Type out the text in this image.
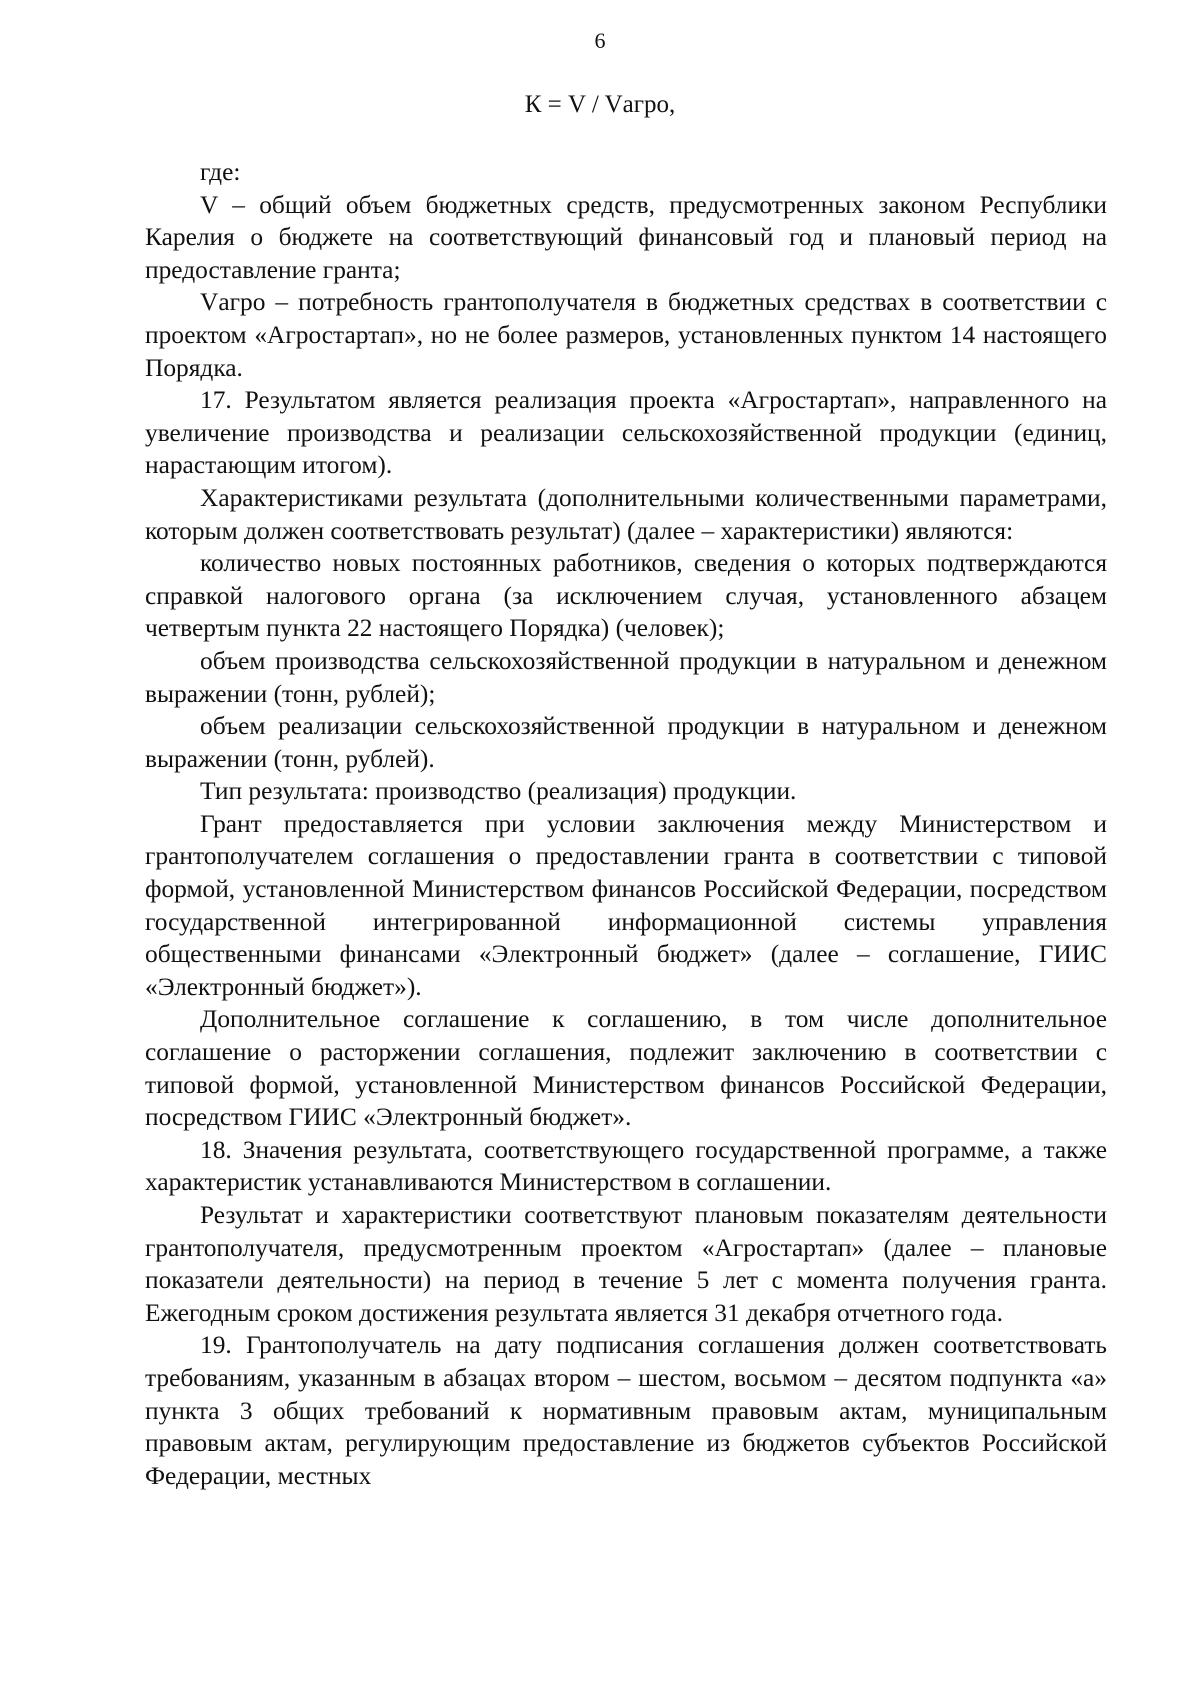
6
К = V / Vагро,

где:

V – общий объем бюджетных средств, предусмотренных законом Республики Карелия о бюджете на соответствующий финансовый год и плановый период на предоставление гранта;

Vагро – потребность грантополучателя в бюджетных средствах в соответствии с проектом «Агростартап», но не более размеров, установленных пунктом 14 настоящего Порядка.

17. Результатом является реализация проекта «Агростартап», направленного на увеличение производства и реализации сельскохозяйственной продукции (единиц, нарастающим итогом).

Характеристиками результата (дополнительными количественными параметрами, которым должен соответствовать результат) (далее – характеристики) являются:

количество новых постоянных работников, сведения о которых подтверждаются справкой налогового органа (за исключением случая, установленного абзацем четвертым пункта 22 настоящего Порядка) (человек);

объем производства сельскохозяйственной продукции в натуральном и денежном выражении (тонн, рублей);

объем реализации сельскохозяйственной продукции в натуральном и денежном выражении (тонн, рублей).

Тип результата: производство (реализация) продукции.

Грант предоставляется при условии заключения между Министерством и грантополучателем соглашения о предоставлении гранта в соответствии с типовой формой, установленной Министерством финансов Российской Федерации, посредством государственной интегрированной информационной системы управления общественными финансами «Электронный бюджет» (далее – соглашение, ГИИС «Электронный бюджет»).

Дополнительное соглашение к соглашению, в том числе дополнительное соглашение о расторжении соглашения, подлежит заключению в соответствии с типовой формой, установленной Министерством финансов Российской Федерации, посредством ГИИС «Электронный бюджет».

18. Значения результата, соответствующего государственной программе, а также характеристик устанавливаются Министерством в соглашении.

Результат и характеристики соответствуют плановым показателям деятельности грантополучателя, предусмотренным проектом «Агростартап» (далее – плановые показатели деятельности) на период в течение 5 лет с момента получения гранта. Ежегодным сроком достижения результата является 31 декабря отчетного года.

19. Грантополучатель на дату подписания соглашения должен соответствовать требованиям, указанным в абзацах втором – шестом, восьмом – десятом подпункта «а» пункта 3 общих требований к нормативным правовым актам, муниципальным правовым актам, регулирующим предоставление из бюджетов субъектов Российской Федерации, местных
